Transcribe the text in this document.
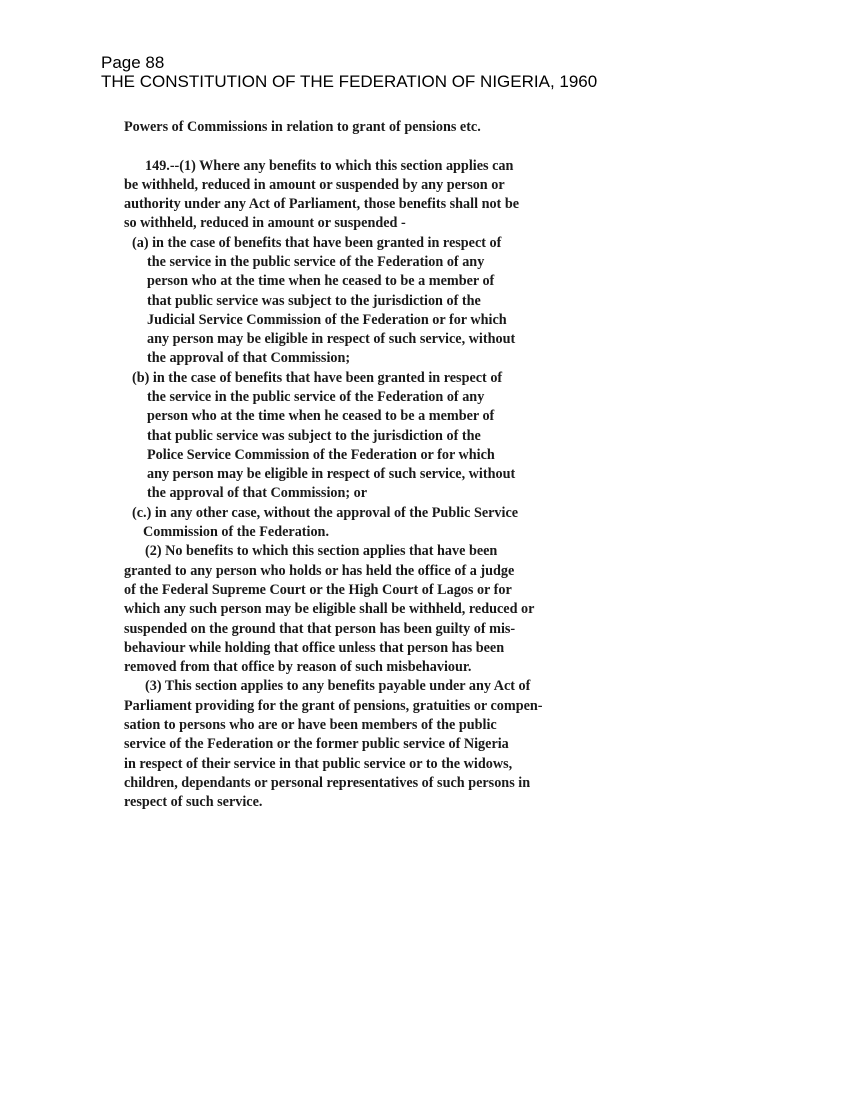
Page 88
THE CONSTITUTION OF THE FEDERATION OF NIGERIA, 1960
Powers of Commissions in relation to grant of pensions etc.
149.--(1) Where any benefits to which this section applies can
be withheld, reduced in amount or suspended by any person or
authority under any Act of Parliament, those benefits shall not be
so withheld, reduced in amount or suspended -
(a) in the case of benefits that have been granted in respect of
the service in the public service of the Federation of any
person who at the time when he ceased to be a member of
that public service was subject to the jurisdiction of the
Judicial Service Commission of the Federation or for which
any person may be eligible in respect of such service, without
the approval of that Commission;
(b) in the case of benefits that have been granted in respect of
the service in the public service of the Federation of any
person who at the time when he ceased to be a member of
that public service was subject to the jurisdiction of the
Police Service Commission of the Federation or for which
any person may be eligible in respect of such service, without
the approval of that Commission; or
(c.) in any other case, without the approval of the Public Service
Commission of the Federation.
(2) No benefits to which this section applies that have been
granted to any person who holds or has held the office of a judge
of the Federal Supreme Court or the High Court of Lagos or for
which any such person may be eligible shall be withheld, reduced or
suspended on the ground that that person has been guilty of mis-
behaviour while holding that office unless that person has been
removed from that office by reason of such misbehaviour.
(3) This section applies to any benefits payable under any Act of
Parliament providing for the grant of pensions, gratuities or compen-
sation to persons who are or have been members of the public
service of the Federation or the former public service of Nigeria
in respect of their service in that public service or to the widows,
children, dependants or personal representatives of such persons in
respect of such service.
